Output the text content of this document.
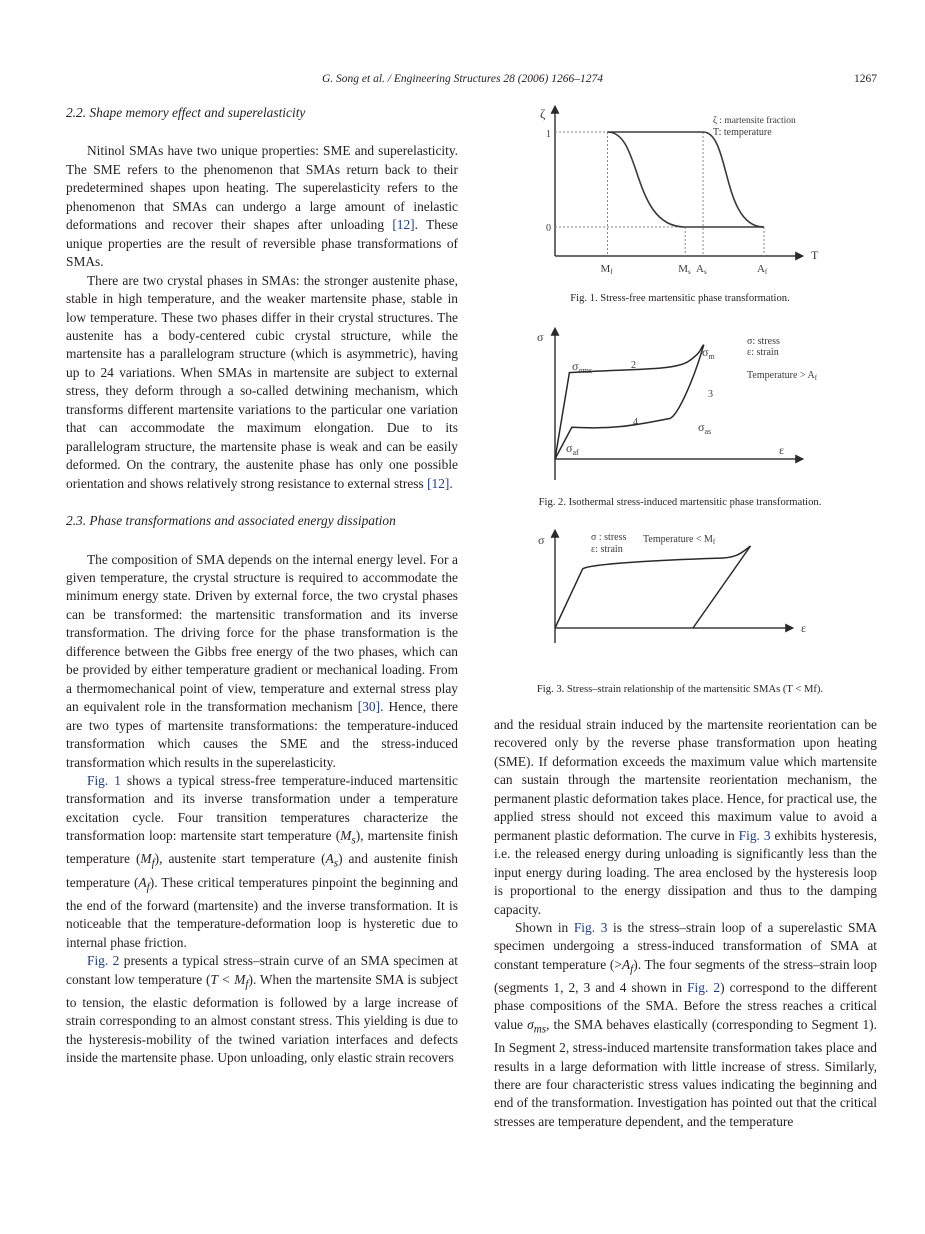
G. Song et al. / Engineering Structures 28 (2006) 1266–1274	1267
2.2. Shape memory effect and superelasticity

Nitinol SMAs have two unique properties: SME and superelasticity. The SME refers to the phenomenon that SMAs return back to their predetermined shapes upon heating. The superelasticity refers to the phenomenon that SMAs can undergo a large amount of inelastic deformations and recover their shapes after unloading [12]. These unique properties are the result of reversible phase transformations of SMAs.

There are two crystal phases in SMAs: the stronger austenite phase, stable in high temperature, and the weaker martensite phase, stable in low temperature. These two phases differ in their crystal structures. The austenite has a body-centered cubic crystal structure, while the martensite has a parallelogram structure (which is asymmetric), having up to 24 variations. When SMAs in martensite are subject to external stress, they deform through a so-called detwining mechanism, which transforms different martensite variations to the particular one variation that can accommodate the maximum elongation. Due to its parallelogram structure, the martensite phase is weak and can be easily deformed. On the contrary, the austenite phase has only one possible orientation and shows relatively strong resistance to external stress [12].

2.3. Phase transformations and associated energy dissipation

The composition of SMA depends on the internal energy level. For a given temperature, the crystal structure is required to accommodate the minimum energy state. Driven by external force, the two crystal phases can be transformed: the martensitic transformation and its inverse transformation. The driving force for the phase transformation is the difference between the Gibbs free energy of the two phases, which can be provided by either temperature gradient or mechanical loading. From a thermomechanical point of view, temperature and external stress play an equivalent role in the transformation mechanism [30]. Hence, there are two types of martensite transformations: the temperature-induced transformation which causes the SME and the stress-induced transformation which results in the superelasticity.

Fig. 1 shows a typical stress-free temperature-induced martensitic transformation and its inverse transformation under a temperature excitation cycle. Four transition temperatures characterize the transformation loop: martensite start temperature $(M_s)$, martensite finish temperature $(M_f)$, austenite start temperature $(A_s)$ and austenite finish temperature $(A_f)$. These critical temperatures pinpoint the beginning and the end of the forward (martensite) and the inverse transformation. It is noticeable that the temperature-deformation loop is hysteretic due to internal phase friction.

Fig. 2 presents a typical stress–strain curve of an SMA specimen at constant low temperature $(T < M_f)$. When the martensite SMA is subject to tension, the elastic deformation is followed by a large increase of strain corresponding to an almost constant stress. This yielding is due to the hysteresis-mobility of the twined variation interfaces and defects inside the martensite phase. Upon unloading, only elastic strain recovers

and the residual strain induced by the martensite reorientation can be recovered only by the reverse phase transformation upon heating (SME). If deformation exceeds the maximum value which martensite can sustain through the martensite reorientation mechanism, the permanent plastic deformation takes place. Hence, for practical use, the applied stress should not exceed this maximum value to avoid a permanent plastic deformation. The curve in Fig. 3 exhibits hysteresis, i.e. the released energy during unloading is significantly less than the input energy during loading. The area enclosed by the hysteresis loop is proportional to the energy dissipation and thus to the damping capacity.

Shown in Fig. 3 is the stress–strain loop of a superelastic SMA specimen undergoing a stress-induced transformation of SMA at constant temperature $(>A_f)$. The four segments of the stress–strain loop (segments 1, 2, 3 and 4 shown in Fig. 2) correspond to the different phase compositions of the SMA. Before the stress reaches a critical value $\sigma_{ms}$, the SMA behaves elastically (corresponding to Segment 1). In Segment 2, stress-induced martensite transformation takes place and results in a large deformation with little increase of stress. Similarly, there are four characteristic stress values indicating the beginning and end of the transformation. Investigation has pointed out that the critical stresses are temperature dependent, and the temperature

ζ
T
1
0
Mf	Ms As	Af
ζ : martensite fraction
T: temperature
Fig. 1. Stress-free martensitic phase transformation.
σ
ε
$\sigma_{\sigma ms}$	2
$\sigma_m$
3
4	$\sigma_{as}$
$\sigma_{af}$
σ: stress
ε: strain
Temperature > $A_f$
Fig. 2. Isothermal stress-induced martensitic phase transformation.
σ
ε
σ : stress
ε: strain
Temperature < $M_f$
Fig. 3. Stress–strain relationship of the martensitic SMAs (T < Mf).
